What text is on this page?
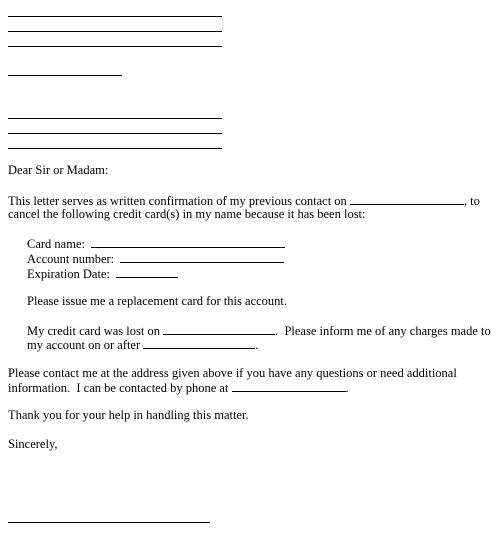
Dear Sir or Madam:
This letter serves as written confirmation of my previous contact on	, to
cancel the following credit card(s) in my name because it has been lost:
Card name:
Account number:
Expiration Date:
Please issue me a replacement card for this account.
My credit card was lost on	.  Please inform me of any charges made to
my account on or after	.
Please contact me at the address given above if you have any questions or need additional
information.  I can be contacted by phone at	.
Thank you for your help in handling this matter.
Sincerely,
